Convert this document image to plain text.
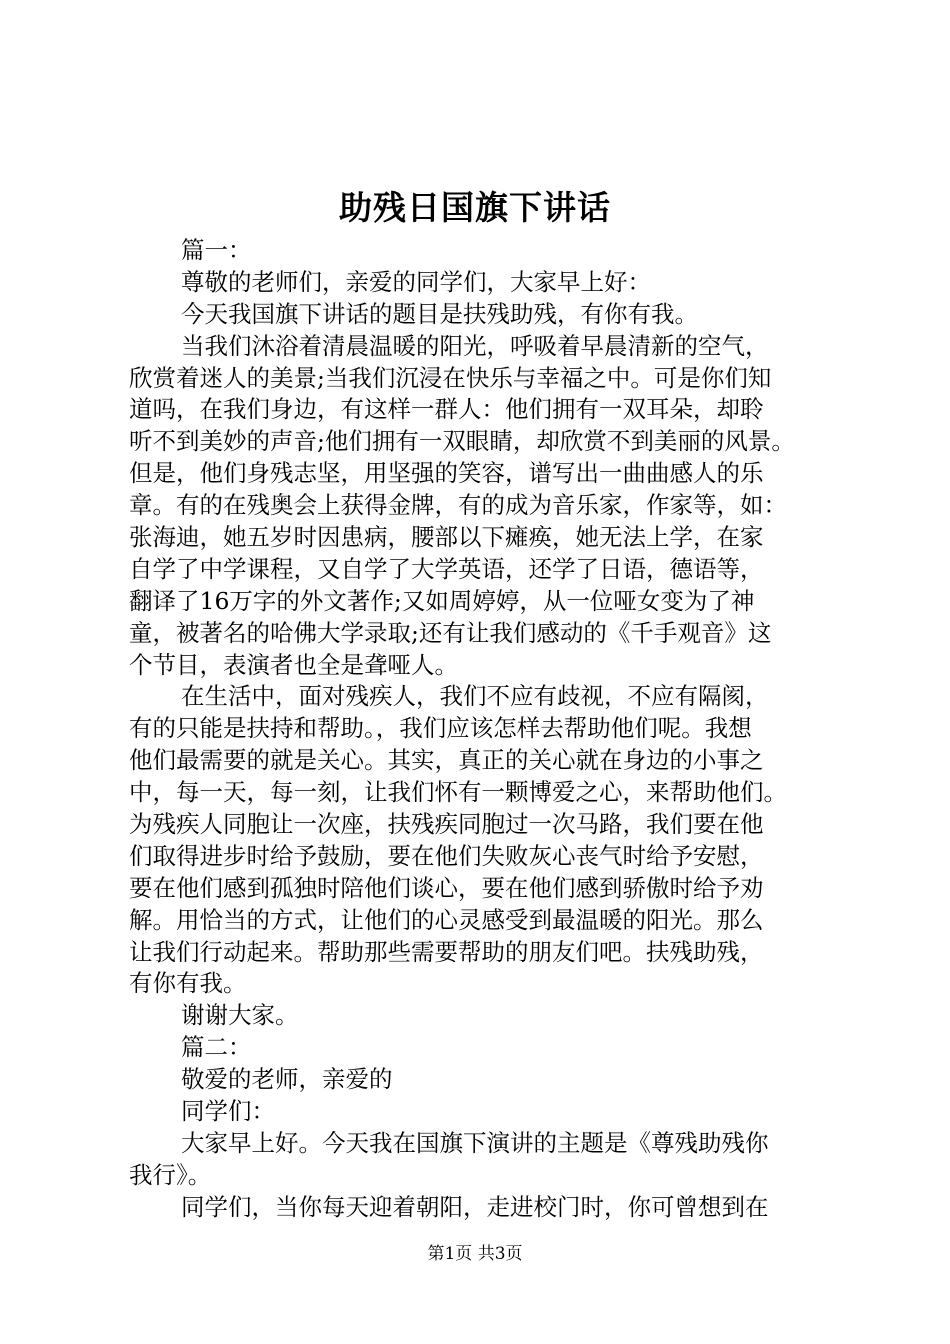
助残日国旗下讲话
篇一：
尊敬的老师们，亲爱的同学们，大家早上好：
今天我国旗下讲话的题目是扶残助残，有你有我。
当我们沐浴着清晨温暖的阳光，呼吸着早晨清新的空气，
欣赏着迷人的美景;当我们沉浸在快乐与幸福之中。可是你们知
道吗，在我们身边，有这样一群人：他们拥有一双耳朵，却聆
听不到美妙的声音;他们拥有一双眼睛，却欣赏不到美丽的风景。
但是，他们身残志坚，用坚强的笑容，谱写出一曲曲感人的乐
章。有的在残奥会上获得金牌，有的成为音乐家，作家等，如：
张海迪，她五岁时因患病，腰部以下瘫痪，她无法上学，在家
自学了中学课程，又自学了大学英语，还学了日语，德语等，
翻译了16万字的外文著作;又如周婷婷，从一位哑女变为了神
童，被著名的哈佛大学录取;还有让我们感动的《千手观音》这
个节目，表演者也全是聋哑人。
在生活中，面对残疾人，我们不应有歧视，不应有隔阂，
有的只能是扶持和帮助。，我们应该怎样去帮助他们呢。我想
他们最需要的就是关心。其实，真正的关心就在身边的小事之
中，每一天，每一刻，让我们怀有一颗博爱之心，来帮助他们。
为残疾人同胞让一次座，扶残疾同胞过一次马路，我们要在他
们取得进步时给予鼓励，要在他们失败灰心丧气时给予安慰，
要在他们感到孤独时陪他们谈心，要在他们感到骄傲时给予劝
解。用恰当的方式，让他们的心灵感受到最温暖的阳光。那么
让我们行动起来。帮助那些需要帮助的朋友们吧。扶残助残，
有你有我。
谢谢大家。
篇二：
敬爱的老师，亲爱的
同学们：
大家早上好。今天我在国旗下演讲的主题是《尊残助残你
我行》。
同学们，当你每天迎着朝阳，走进校门时，你可曾想到在
第1页 共3页
